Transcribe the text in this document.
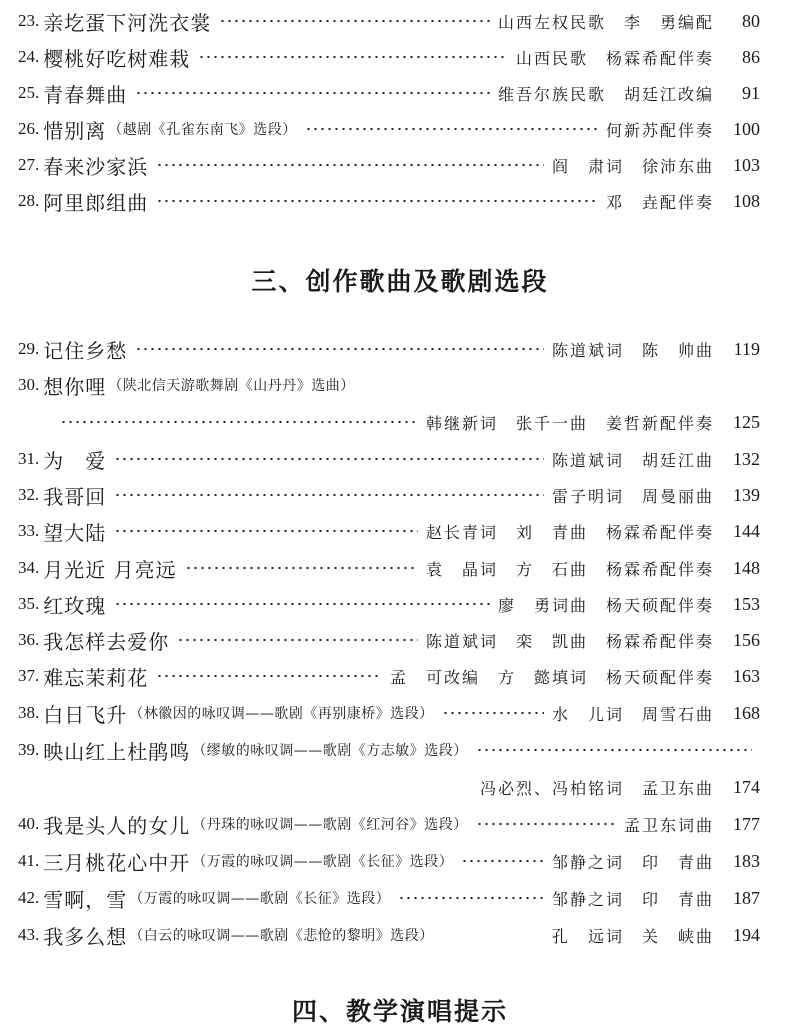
23. 亲圪蛋下河洗衣裳	山西左权民歌　李　勇编配	80
24. 樱桃好吃树难栽	山西民歌　杨霖希配伴奏	86
25. 青春舞曲	维吾尔族民歌　胡廷江改编	91
26. 惜别离 （越剧《孔雀东南飞》选段）	何新苏配伴奏	100
27. 春来沙家浜	阎　肃词　徐沛东曲	103
28. 阿里郎组曲	邓　垚配伴奏	108
三、创作歌曲及歌剧选段
29. 记住乡愁	陈道斌词　陈　帅曲	119
30. 想你哩 （陕北信天游歌舞剧《山丹丹》选曲）
韩继新词　张千一曲　姜哲新配伴奏	125
31. 为　爱	陈道斌词　胡廷江曲	132
32. 我哥回	雷子明词　周曼丽曲	139
33. 望大陆	赵长青词　刘　青曲　杨霖希配伴奏	144
34. 月光近 月亮远	袁　晶词　方　石曲　杨霖希配伴奏	148
35. 红玫瑰	廖　勇词曲　杨天硕配伴奏	153
36. 我怎样去爱你	陈道斌词　栾　凯曲　杨霖希配伴奏	156
37. 难忘茉莉花	孟　可改编　方　懿填词　杨天硕配伴奏	163
38. 白日飞升 （林徽因的咏叹调——歌剧《再别康桥》选段）	水　儿词　周雪石曲	168
39. 映山红上杜鹃鸣 （缪敏的咏叹调——歌剧《方志敏》选段）
冯必烈、冯柏铭词　孟卫东曲	174
40. 我是头人的女儿 （丹珠的咏叹调——歌剧《红河谷》选段）	孟卫东词曲	177
41. 三月桃花心中开 （万霞的咏叹调——歌剧《长征》选段）	邹静之词　印　青曲	183
42. 雪啊，雪 （万霞的咏叹调——歌剧《长征》选段）	邹静之词　印　青曲	187
43. 我多么想 （白云的咏叹调——歌剧《悲怆的黎明》选段）	孔　远词　关　峡曲	194
四、教学演唱提示
